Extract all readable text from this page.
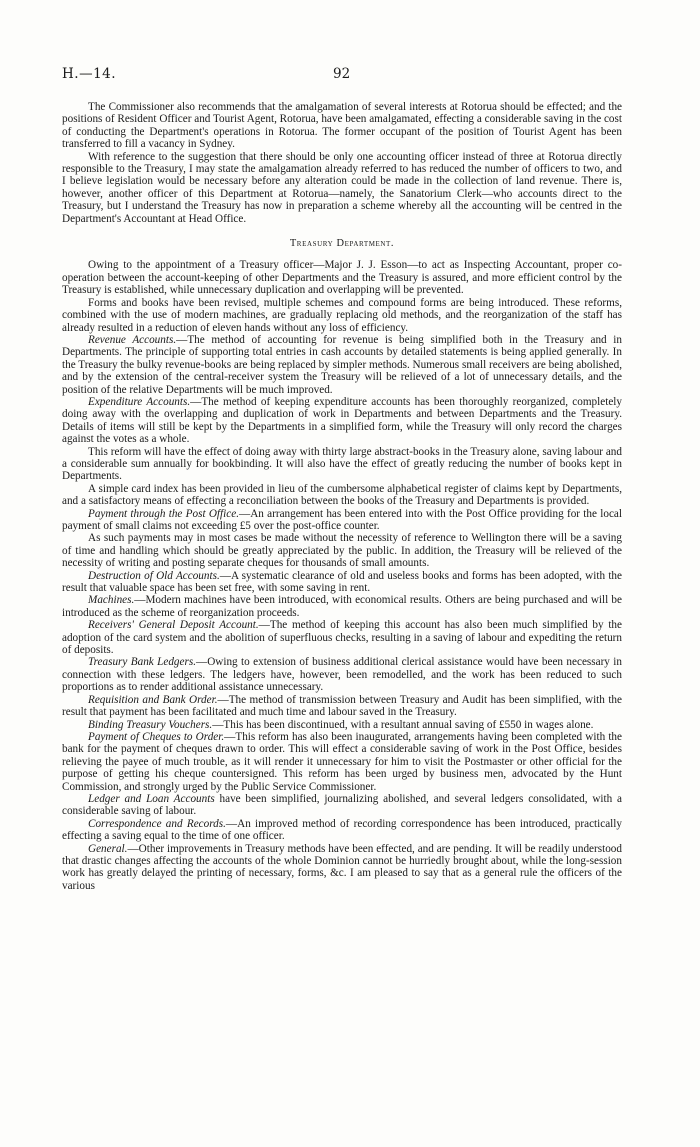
H.—14.	92

The Commissioner also recommends that the amalgamation of several interests at Rotorua should be effected; and the positions of Resident Officer and Tourist Agent, Rotorua, have been amalgamated, effecting a considerable saving in the cost of conducting the Department's operations in Rotorua. The former occupant of the position of Tourist Agent has been transferred to fill a vacancy in Sydney.

With reference to the suggestion that there should be only one accounting officer instead of three at Rotorua directly responsible to the Treasury, I may state the amalgamation already referred to has reduced the number of officers to two, and I believe legislation would be necessary before any alteration could be made in the collection of land revenue. There is, however, another officer of this Department at Rotorua—namely, the Sanatorium Clerk—who accounts direct to the Treasury, but I understand the Treasury has now in preparation a scheme whereby all the accounting will be centred in the Department's Accountant at Head Office.

Treasury Department.

Owing to the appointment of a Treasury officer—Major J. J. Esson—to act as Inspecting Accountant, proper co-operation between the account-keeping of other Departments and the Treasury is assured, and more efficient control by the Treasury is established, while unnecessary duplication and overlapping will be prevented.

Forms and books have been revised, multiple schemes and compound forms are being introduced. These reforms, combined with the use of modern machines, are gradually replacing old methods, and the reorganization of the staff has already resulted in a reduction of eleven hands without any loss of efficiency.

Revenue Accounts.—The method of accounting for revenue is being simplified both in the Treasury and in Departments. The principle of supporting total entries in cash accounts by detailed statements is being applied generally. In the Treasury the bulky revenue-books are being replaced by simpler methods. Numerous small receivers are being abolished, and by the extension of the central-receiver system the Treasury will be relieved of a lot of unnecessary details, and the position of the relative Departments will be much improved.

Expenditure Accounts.—The method of keeping expenditure accounts has been thoroughly reorganized, completely doing away with the overlapping and duplication of work in Departments and between Departments and the Treasury. Details of items will still be kept by the Departments in a simplified form, while the Treasury will only record the charges against the votes as a whole.

This reform will have the effect of doing away with thirty large abstract-books in the Treasury alone, saving labour and a considerable sum annually for bookbinding. It will also have the effect of greatly reducing the number of books kept in Departments.

A simple card index has been provided in lieu of the cumbersome alphabetical register of claims kept by Departments, and a satisfactory means of effecting a reconciliation between the books of the Treasury and Departments is provided.

Payment through the Post Office.—An arrangement has been entered into with the Post Office providing for the local payment of small claims not exceeding £5 over the post-office counter.

As such payments may in most cases be made without the necessity of reference to Wellington there will be a saving of time and handling which should be greatly appreciated by the public. In addition, the Treasury will be relieved of the necessity of writing and posting separate cheques for thousands of small amounts.

Destruction of Old Accounts.—A systematic clearance of old and useless books and forms has been adopted, with the result that valuable space has been set free, with some saving in rent.

Machines.—Modern machines have been introduced, with economical results. Others are being purchased and will be introduced as the scheme of reorganization proceeds.

Receivers' General Deposit Account.—The method of keeping this account has also been much simplified by the adoption of the card system and the abolition of superfluous checks, resulting in a saving of labour and expediting the return of deposits.

Treasury Bank Ledgers.—Owing to extension of business additional clerical assistance would have been necessary in connection with these ledgers. The ledgers have, however, been remodelled, and the work has been reduced to such proportions as to render additional assistance unnecessary.

Requisition and Bank Order.—The method of transmission between Treasury and Audit has been simplified, with the result that payment has been facilitated and much time and labour saved in the Treasury.

Binding Treasury Vouchers.—This has been discontinued, with a resultant annual saving of £550 in wages alone.

Payment of Cheques to Order.—This reform has also been inaugurated, arrangements having been completed with the bank for the payment of cheques drawn to order. This will effect a considerable saving of work in the Post Office, besides relieving the payee of much trouble, as it will render it unnecessary for him to visit the Postmaster or other official for the purpose of getting his cheque countersigned. This reform has been urged by business men, advocated by the Hunt Commission, and strongly urged by the Public Service Commissioner.

Ledger and Loan Accounts have been simplified, journalizing abolished, and several ledgers consolidated, with a considerable saving of labour.

Correspondence and Records.—An improved method of recording correspondence has been introduced, practically effecting a saving equal to the time of one officer.

General.—Other improvements in Treasury methods have been effected, and are pending. It will be readily understood that drastic changes affecting the accounts of the whole Dominion cannot be hurriedly brought about, while the long-session work has greatly delayed the printing of necessary, forms, &c. I am pleased to say that as a general rule the officers of the various
